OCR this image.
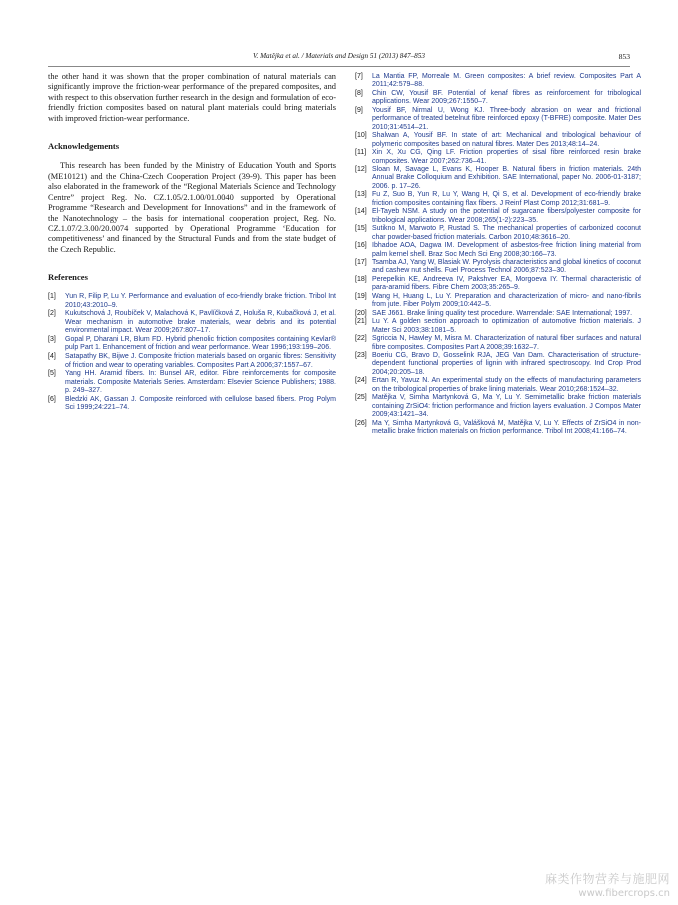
V. Matějka et al. / Materials and Design 51 (2013) 847–853	853

the other hand it was shown that the proper combination of natural materials can significantly improve the friction-wear performance of the prepared composites, and with respect to this observation further research in the design and formulation of eco-friendly friction composites based on natural plant materials could bring materials with improved friction-wear performance.

Acknowledgements

This research has been funded by the Ministry of Education Youth and Sports (ME10121) and the China-Czech Cooperation Project (39-9). This paper has been also elaborated in the framework of the “Regional Materials Science and Technology Centre” project Reg. No. CZ.1.05/2.1.00/01.0040 supported by Operational Programme “Research and Development for Innovations” and in the framework of the Nanotechnology – the basis for international cooperation project, Reg. No. CZ.1.07/2.3.00/20.0074 supported by Operational Programme ‘Education for competitiveness’ and financed by the Structural Funds and from the state budget of the Czech Republic.

References
[1] Yun R, Filip P, Lu Y. Performance and evaluation of eco-friendly brake friction. Tribol Int 2010;43:2010–9.
[2] Kukutschová J, Roubíček V, Malachová K, Pavlíčková Z, Holuša R, Kubačková J, et al. Wear mechanism in automotive brake materials, wear debris and its potential environmental impact. Wear 2009;267:807–17.
[3] Gopal P, Dharani LR, Blum FD. Hybrid phenolic friction composites containing Kevlar® pulp Part 1. Enhancement of friction and wear performance. Wear 1996;193:199–206.
[4] Satapathy BK, Bijwe J. Composite friction materials based on organic fibres: Sensitivity of friction and wear to operating variables. Composites Part A 2006;37:1557–67.
[5] Yang HH. Aramid fibers. In: Bunsel AR, editor. Fibre reinforcements for composite materials. Composite Materials Series. Amsterdam: Elsevier Science Publishers; 1988. p. 249–327.
[6] Bledzki AK, Gassan J. Composite reinforced with cellulose based fibers. Prog Polym Sci 1999;24:221–74.
[7] La Mantia FP, Morreale M. Green composites: A brief review. Composites Part A 2011;42:579–88.
[8] Chin CW, Yousif BF. Potential of kenaf fibres as reinforcement for tribological applications. Wear 2009;267:1550–7.
[9] Yousif BF, Nirmal U, Wong KJ. Three-body abrasion on wear and frictional performance of treated betelnut fibre reinforced epoxy (T-BFRE) composite. Mater Des 2010;31:4514–21.
[10] Shalwan A, Yousif BF. In state of art: Mechanical and tribological behaviour of polymeric composites based on natural fibres. Mater Des 2013;48:14–24.
[11] Xin X, Xu CG, Qing LF. Friction properties of sisal fibre reinforced resin brake composites. Wear 2007;262:736–41.
[12] Sloan M, Savage L, Evans K, Hooper B. Natural fibers in friction materials. 24th Annual Brake Colloquium and Exhibition. SAE International, paper No. 2006-01-3187; 2006. p. 17–26.
[13] Fu Z, Suo B, Yun R, Lu Y, Wang H, Qi S, et al. Development of eco-friendly brake friction composites containing flax fibers. J Reinf Plast Comp 2012;31:681–9.
[14] El-Tayeb NSM. A study on the potential of sugarcane fibers/polyester composite for tribological applications. Wear 2008;265(1-2):223–35.
[15] Sutikno M, Marwoto P, Rustad S. The mechanical properties of carbonized coconut char powder-based friction materials. Carbon 2010;48:3616–20.
[16] Ibhadoe AOA, Dagwa IM. Development of asbestos-free friction lining material from palm kernel shell. Braz Soc Mech Sci Eng 2008;30:166–73.
[17] Tsamba AJ, Yang W, Blasiak W. Pyrolysis characteristics and global kinetics of coconut and cashew nut shells. Fuel Process Technol 2006;87:523–30.
[18] Perepelkin KE, Andreeva IV, Pakshver EA, Morgoeva IY. Thermal characteristic of para-aramid fibers. Fibre Chem 2003;35:265–9.
[19] Wang H, Huang L, Lu Y. Preparation and characterization of micro- and nano-fibrils from jute. Fiber Polym 2009;10:442–5.
[20] SAE J661. Brake lining quality test procedure. Warrendale: SAE International; 1997.
[21] Lu Y. A golden section approach to optimization of automotive friction materials. J Mater Sci 2003;38:1081–5.
[22] Sgriccia N, Hawley M, Misra M. Characterization of natural fiber surfaces and natural fibre composites. Composites Part A 2008;39:1632–7.
[23] Boeriu CG, Bravo D, Gosselink RJA, JEG Van Dam. Characterisation of structure-dependent functional properties of lignin with infrared spectroscopy. Ind Crop Prod 2004;20:205–18.
[24] Ertan R, Yavuz N. An experimental study on the effects of manufacturing parameters on the tribological properties of brake lining materials. Wear 2010;268:1524–32.
[25] Matějka V, Simha Martynková G, Ma Y, Lu Y. Semimetallic brake friction materials containing ZrSiO4: friction performance and friction layers evaluation. J Compos Mater 2009;43:1421–34.
[26] Ma Y, Simha Martynková G, Valášková M, Matějka V, Lu Y. Effects of ZrSiO4 in non-metallic brake friction materials on friction performance. Tribol Int 2008;41:166–74.
麻类作物营养与施肥网
www.fibercrops.cn
